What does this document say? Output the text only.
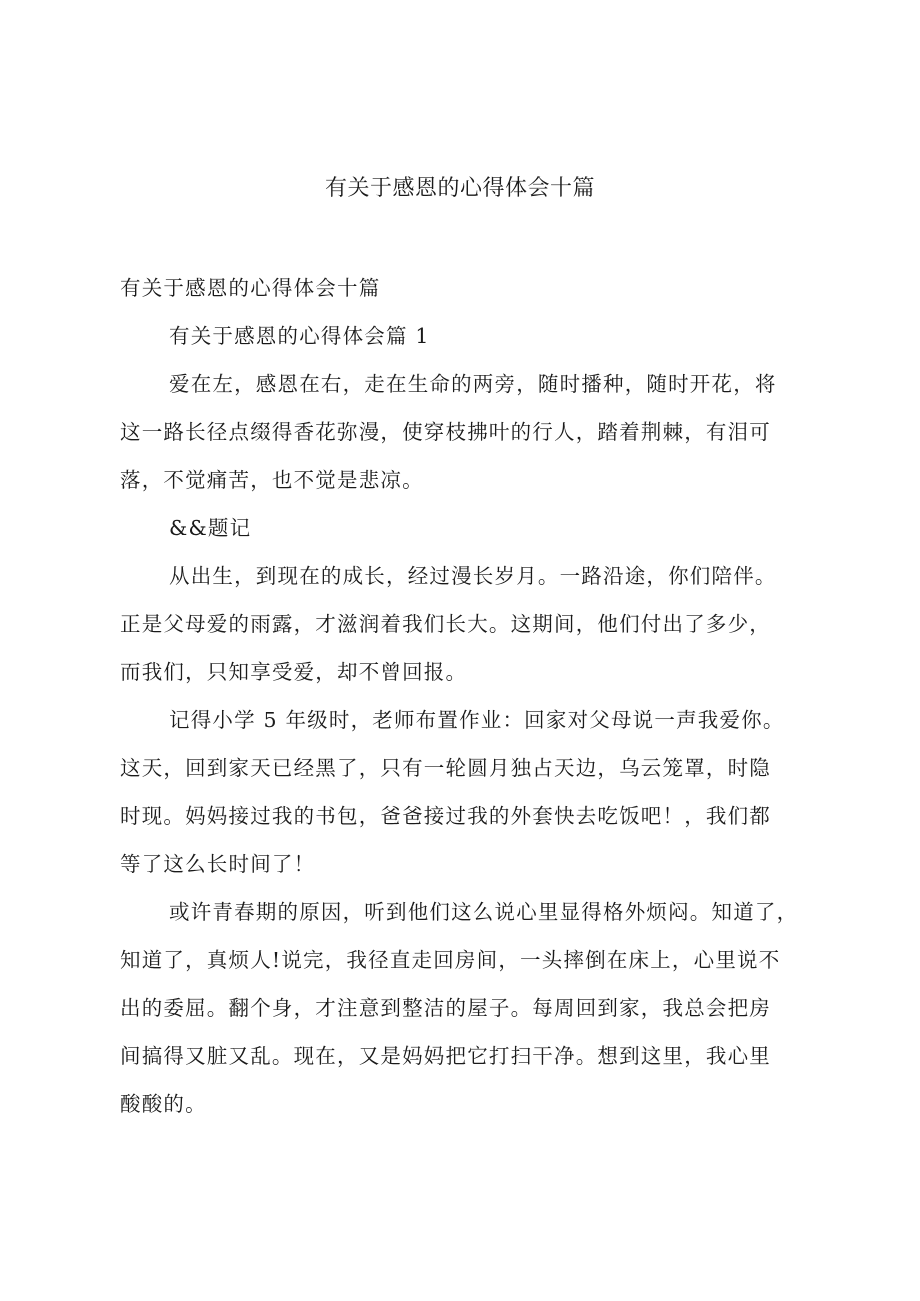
有关于感恩的心得体会十篇
有关于感恩的心得体会十篇
有关于感恩的心得体会篇 1
爱在左，感恩在右，走在生命的两旁，随时播种，随时开花，将
这一路长径点缀得香花弥漫，使穿枝拂叶的行人，踏着荆棘，有泪可
落，不觉痛苦，也不觉是悲凉。
&&题记
从出生，到现在的成长，经过漫长岁月。一路沿途，你们陪伴。
正是父母爱的雨露，才滋润着我们长大。这期间，他们付出了多少，
而我们，只知享受爱，却不曾回报。
记得小学 5 年级时，老师布置作业：回家对父母说一声我爱你。
这天，回到家天已经黑了，只有一轮圆月独占天边，乌云笼罩，时隐
时现。妈妈接过我的书包，爸爸接过我的外套快去吃饭吧！，我们都
等了这么长时间了！
或许青春期的原因，听到他们这么说心里显得格外烦闷。知道了，
知道了，真烦人!说完，我径直走回房间，一头摔倒在床上，心里说不
出的委屈。翻个身，才注意到整洁的屋子。每周回到家，我总会把房
间搞得又脏又乱。现在，又是妈妈把它打扫干净。想到这里，我心里
酸酸的。
